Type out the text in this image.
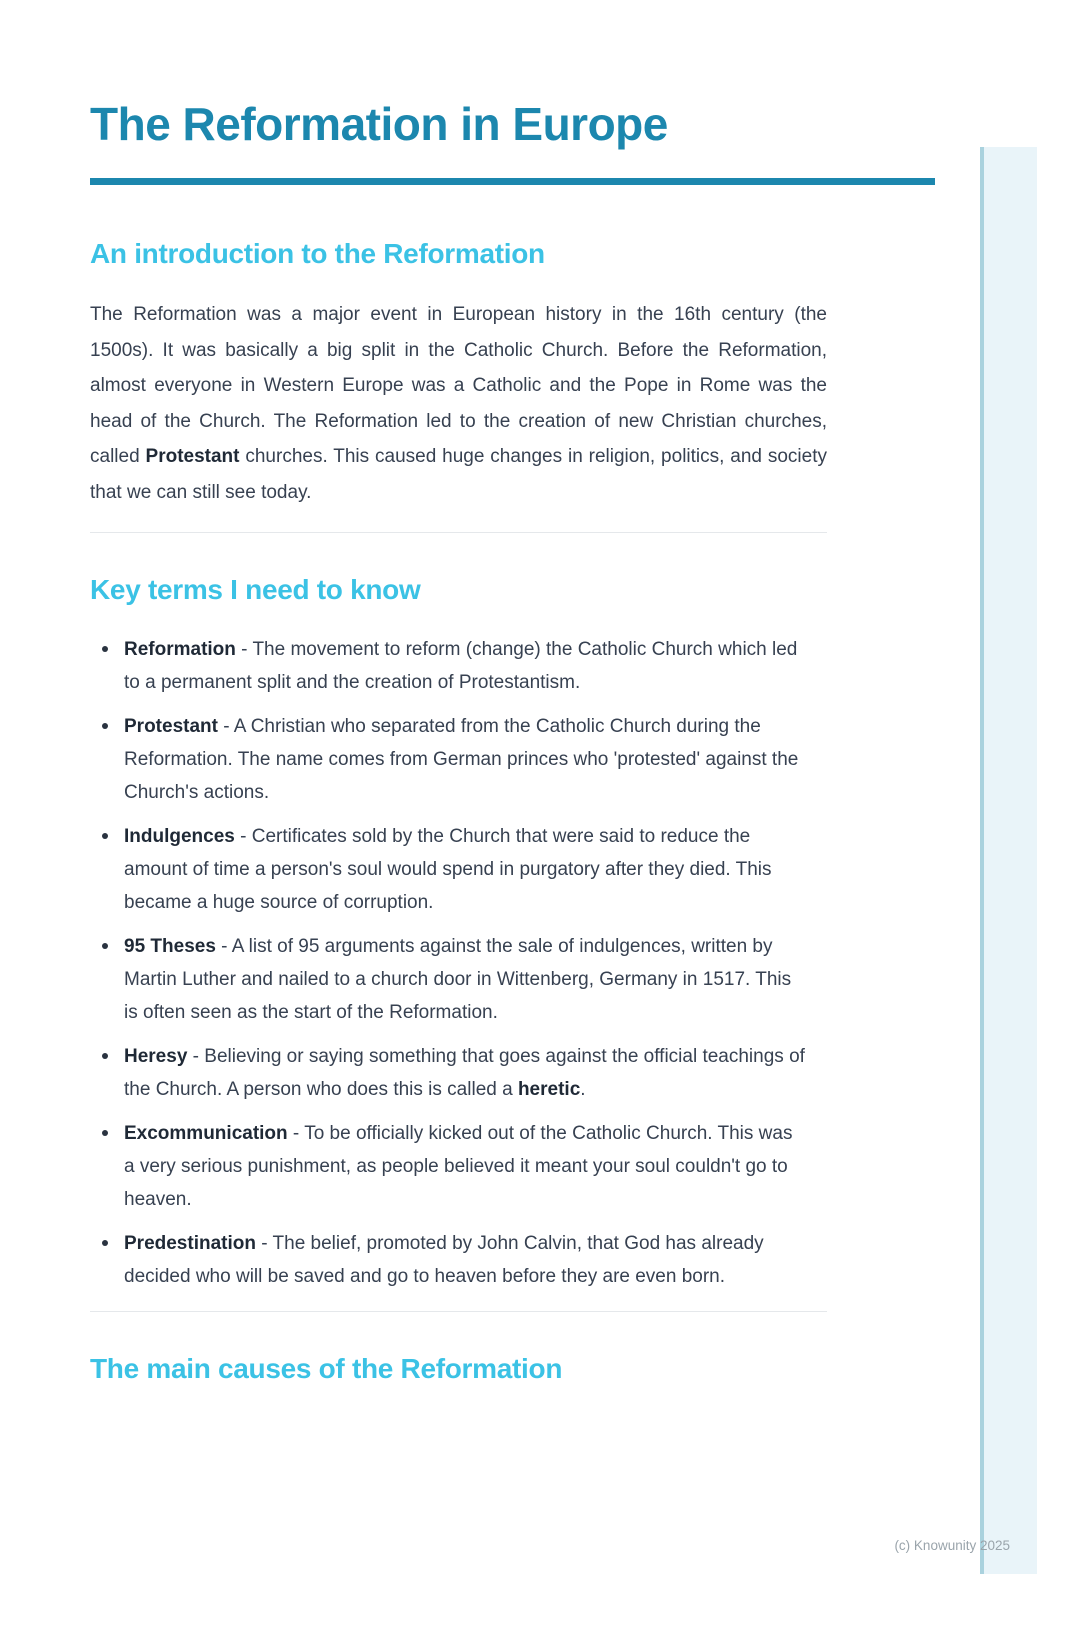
The Reformation in Europe
An introduction to the Reformation

The Reformation was a major event in European history in the 16th century (the 1500s). It was basically a big split in the Catholic Church. Before the Reformation, almost everyone in Western Europe was a Catholic and the Pope in Rome was the head of the Church. The Reformation led to the creation of new Christian churches, called Protestant churches. This caused huge changes in religion, politics, and society that we can still see today.

Key terms I need to know
Reformation - The movement to reform (change) the Catholic Church which led to a permanent split and the creation of Protestantism.
Protestant - A Christian who separated from the Catholic Church during the Reformation. The name comes from German princes who 'protested' against the Church's actions.
Indulgences - Certificates sold by the Church that were said to reduce the amount of time a person's soul would spend in purgatory after they died. This became a huge source of corruption.
95 Theses - A list of 95 arguments against the sale of indulgences, written by Martin Luther and nailed to a church door in Wittenberg, Germany in 1517. This is often seen as the start of the Reformation.
Heresy - Believing or saying something that goes against the official teachings of the Church. A person who does this is called a heretic.
Excommunication - To be officially kicked out of the Catholic Church. This was a very serious punishment, as people believed it meant your soul couldn't go to heaven.
Predestination - The belief, promoted by John Calvin, that God has already decided who will be saved and go to heaven before they are even born.
The main causes of the Reformation
(c) Knowunity 2025
